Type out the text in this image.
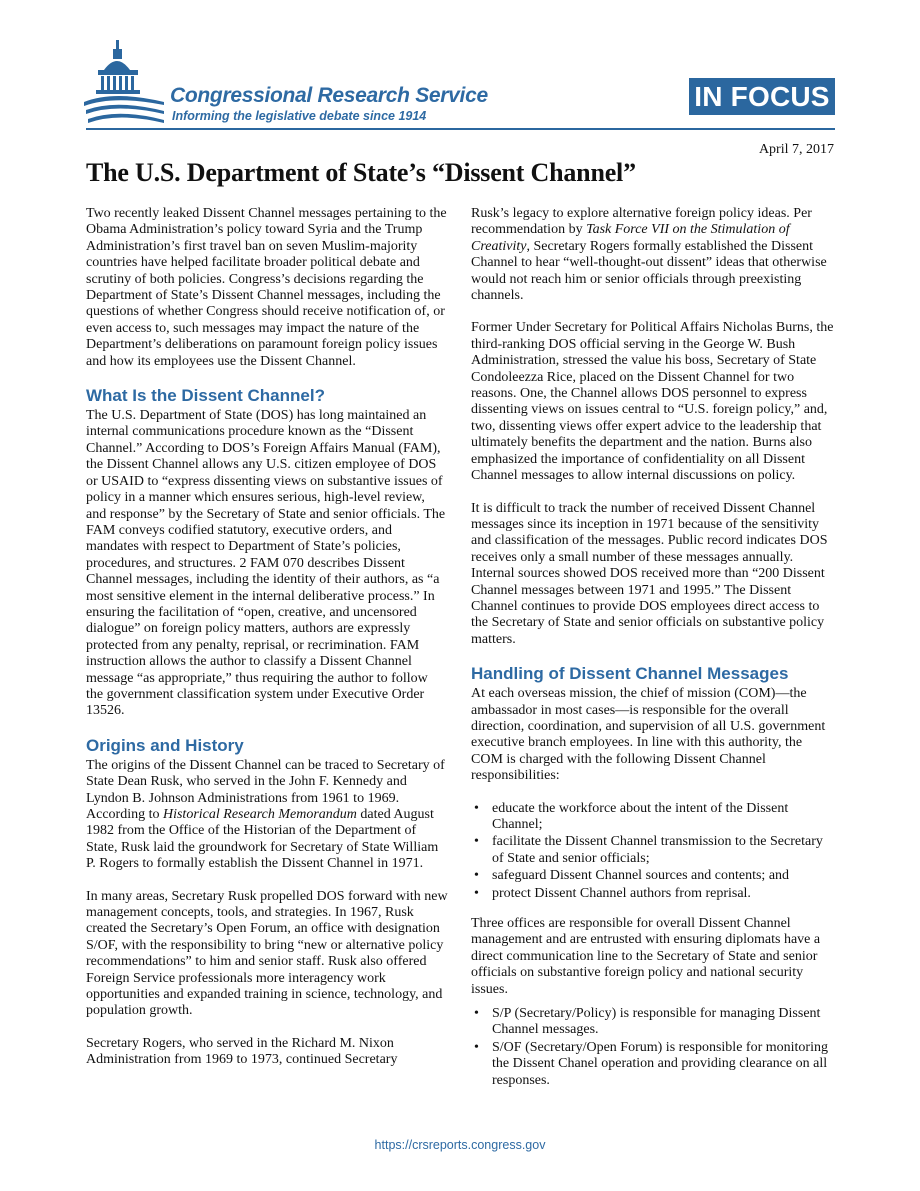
Congressional Research Service

Informing the legislative debate since 1914

IN FOCUS

April 7, 2017

The U.S. Department of State’s “Dissent Channel”

Two recently leaked Dissent Channel messages pertaining to the Obama Administration’s policy toward Syria and the Trump Administration’s first travel ban on seven Muslim-majority countries have helped facilitate broader political debate and scrutiny of both policies. Congress’s decisions regarding the Department of State’s Dissent Channel messages, including the questions of whether Congress should receive notification of, or even access to, such messages may impact the nature of the Department’s deliberations on paramount foreign policy issues and how its employees use the Dissent Channel.

What Is the Dissent Channel?

The U.S. Department of State (DOS) has long maintained an internal communications procedure known as the “Dissent Channel.” According to DOS’s Foreign Affairs Manual (FAM), the Dissent Channel allows any U.S. citizen employee of DOS or USAID to “express dissenting views on substantive issues of policy in a manner which ensures serious, high-level review, and response” by the Secretary of State and senior officials. The FAM conveys codified statutory, executive orders, and mandates with respect to Department of State’s policies, procedures, and structures. 2 FAM 070 describes Dissent Channel messages, including the identity of their authors, as “a most sensitive element in the internal deliberative process.” In ensuring the facilitation of “open, creative, and uncensored dialogue” on foreign policy matters, authors are expressly protected from any penalty, reprisal, or recrimination. FAM instruction allows the author to classify a Dissent Channel message “as appropriate,” thus requiring the author to follow the government classification system under Executive Order 13526.

Origins and History

The origins of the Dissent Channel can be traced to Secretary of State Dean Rusk, who served in the John F. Kennedy and Lyndon B. Johnson Administrations from 1961 to 1969. According to Historical Research Memorandum dated August 1982 from the Office of the Historian of the Department of State, Rusk laid the groundwork for Secretary of State William P. Rogers to formally establish the Dissent Channel in 1971.

In many areas, Secretary Rusk propelled DOS forward with new management concepts, tools, and strategies. In 1967, Rusk created the Secretary’s Open Forum, an office with designation S/OF, with the responsibility to bring “new or alternative policy recommendations” to him and senior staff. Rusk also offered Foreign Service professionals more interagency work opportunities and expanded training in science, technology, and population growth.

Secretary Rogers, who served in the Richard M. Nixon Administration from 1969 to 1973, continued Secretary

Rusk’s legacy to explore alternative foreign policy ideas. Per recommendation by Task Force VII on the Stimulation of Creativity, Secretary Rogers formally established the Dissent Channel to hear “well-thought-out dissent” ideas that otherwise would not reach him or senior officials through preexisting channels.

Former Under Secretary for Political Affairs Nicholas Burns, the third-ranking DOS official serving in the George W. Bush Administration, stressed the value his boss, Secretary of State Condoleezza Rice, placed on the Dissent Channel for two reasons. One, the Channel allows DOS personnel to express dissenting views on issues central to “U.S. foreign policy,” and, two, dissenting views offer expert advice to the leadership that ultimately benefits the department and the nation. Burns also emphasized the importance of confidentiality on all Dissent Channel messages to allow internal discussions on policy.

It is difficult to track the number of received Dissent Channel messages since its inception in 1971 because of the sensitivity and classification of the messages. Public record indicates DOS receives only a small number of these messages annually. Internal sources showed DOS received more than “200 Dissent Channel messages between 1971 and 1995.” The Dissent Channel continues to provide DOS employees direct access to the Secretary of State and senior officials on substantive policy matters.

Handling of Dissent Channel Messages

At each overseas mission, the chief of mission (COM)—the ambassador in most cases—is responsible for the overall direction, coordination, and supervision of all U.S. government executive branch employees. In line with this authority, the COM is charged with the following Dissent Channel responsibilities:

• educate the workforce about the intent of the Dissent Channel;
• facilitate the Dissent Channel transmission to the Secretary of State and senior officials;
• safeguard Dissent Channel sources and contents; and
• protect Dissent Channel authors from reprisal.

Three offices are responsible for overall Dissent Channel management and are entrusted with ensuring diplomats have a direct communication line to the Secretary of State and senior officials on substantive foreign policy and national security issues.

• S/P (Secretary/Policy) is responsible for managing Dissent Channel messages.
• S/OF (Secretary/Open Forum) is responsible for monitoring the Dissent Chanel operation and providing clearance on all responses.
https://crsreports.congress.gov
